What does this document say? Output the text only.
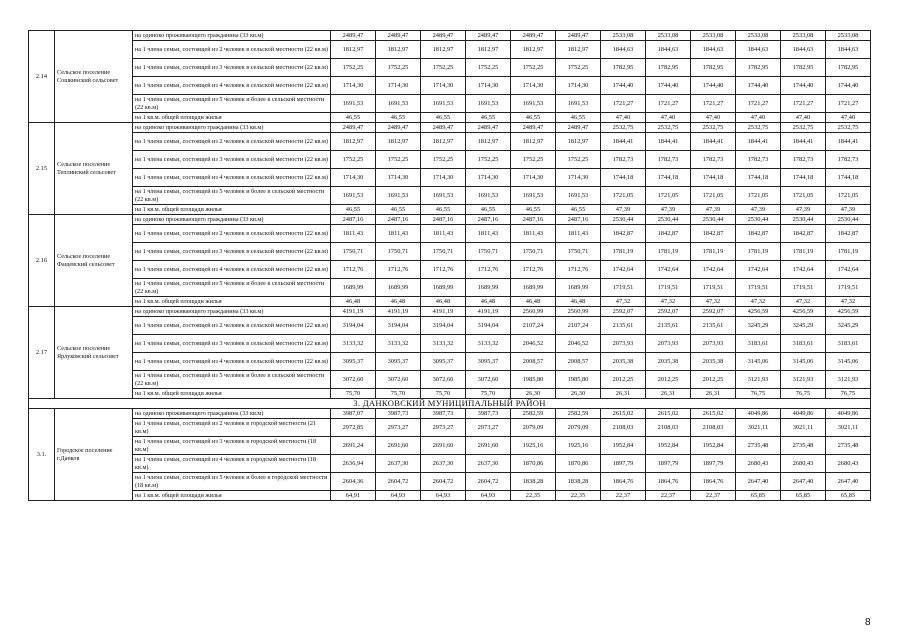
2.14	Сельское поселение Сошкинский сельсовет	на одиноко проживающего гражданина (33 кв.м)	2489,47	2489,47	2489,47	2489,47	2489,47	2489,47	2533,08	2533,08	2533,08	2533,08	2533,08	2533,08
		на 1 члена семьи, состоящей из 2 человек в сельской местности (22 кв.м)	1812,97	1812,97	1812,97	1812,97	1812,97	1812,97	1844,63	1844,63	1844,63	1844,63	1844,63	1844,63
		на 1 члена семьи, состоящей из 3 человек в сельской местности (22 кв.м)	1752,25	1752,25	1752,25	1752,25	1752,25	1752,25	1782,95	1782,95	1782,95	1782,95	1782,95	1782,95
		на 1 члена семьи, состоящей из 4 человек в сельской местности (22 кв.м)	1714,30	1714,30	1714,30	1714,30	1714,30	1714,30	1744,40	1744,40	1744,40	1744,40	1744,40	1744,40
		на 1 члена семьи, состоящей из 5 человек и более в сельской местности (22 кв.м)	1691,53	1691,53	1691,53	1691,53	1691,53	1691,53	1721,27	1721,27	1721,27	1721,27	1721,27	1721,27
		на 1 кв.м. общей площади жилья	46,55	46,55	46,55	46,55	46,55	46,55	47,40	47,40	47,40	47,40	47,40	47,40
2.15	Сельское поселение Теплинский сельсовет	на одиноко проживающего гражданина (33 кв.м)	2489,47	2489,47	2489,47	2489,47	2489,47	2489,47	2532,75	2532,75	2532,75	2532,75	2532,75	2532,75
		на 1 члена семьи, состоящей из 2 человек в сельской местности (22 кв.м)	1812,97	1812,97	1812,97	1812,97	1812,97	1812,97	1844,41	1844,41	1844,41	1844,41	1844,41	1844,41
		на 1 члена семьи, состоящей из 3 человек в сельской местности (22 кв.м)	1752,25	1752,25	1752,25	1752,25	1752,25	1752,25	1782,73	1782,73	1782,73	1782,73	1782,73	1782,73
		на 1 члена семьи, состоящей из 4 человек в сельской местности (22 кв.м)	1714,30	1714,30	1714,30	1714,30	1714,30	1714,30	1744,18	1744,18	1744,18	1744,18	1744,18	1744,18
		на 1 члена семьи, состоящей из 5 человек и более в сельской местности (22 кв.м)	1691,53	1691,53	1691,53	1691,53	1691,53	1691,53	1721,05	1721,05	1721,05	1721,05	1721,05	1721,05
		на 1 кв.м. общей площади жилья	46,55	46,55	46,55	46,55	46,55	46,55	47,39	47,39	47,39	47,39	47,39	47,39
2.16	Сельское поселение Фащевский сельсовет	на одиноко проживающего гражданина (33 кв.м)	2487,16	2487,16	2487,16	2487,16	2487,16	2487,16	2530,44	2530,44	2530,44	2530,44	2530,44	2530,44
		на 1 члена семьи, состоящей из 2 человек в сельской местности (22 кв.м)	1811,43	1811,43	1811,43	1811,43	1811,43	1811,43	1842,87	1842,87	1842,87	1842,87	1842,87	1842,87
		на 1 члена семьи, состоящей из 3 человек в сельской местности (22 кв.м)	1750,71	1750,71	1750,71	1750,71	1750,71	1750,71	1781,19	1781,19	1781,19	1781,19	1781,19	1781,19
		на 1 члена семьи, состоящей из 4 человек в сельской местности (22 кв.м)	1712,76	1712,76	1712,76	1712,76	1712,76	1712,76	1742,64	1742,64	1742,64	1742,64	1742,64	1742,64
		на 1 члена семьи, состоящей из 5 человек и более в сельской местности (22 кв.м)	1689,99	1689,99	1689,99	1689,99	1689,99	1689,99	1719,51	1719,51	1719,51	1719,51	1719,51	1719,51
		на 1 кв.м. общей площади жилья	46,48	46,48	46,48	46,48	46,48	46,48	47,32	47,32	47,32	47,32	47,32	47,32
2.17	Сельское поселение Ярлуковский сельсовет	на одиноко проживающего гражданина (33 кв.м)	4191,19	4191,19	4191,19	4191,19	2560,99	2560,99	2592,07	2592,07	2592,07	4256,59	4256,59	4256,59
		на 1 члена семьи, состоящей из 2 человек в сельской местности (22 кв.м)	3194,04	3194,04	3194,04	3194,04	2107,24	2107,24	2135,61	2135,61	2135,61	3245,29	3245,29	3245,29
		на 1 члена семьи, состоящей из 3 человек в сельской местности (22 кв.м)	3133,32	3133,32	3133,32	3133,32	2046,52	2046,52	2073,93	2073,93	2073,93	3183,61	3183,61	3183,61
		на 1 члена семьи, состоящей из 4 человек в сельской местности (22 кв.м)	3095,37	3095,37	3095,37	3095,37	2008,57	2008,57	2035,38	2035,38	2035,38	3145,06	3145,06	3145,06
		на 1 члена семьи, состоящей из 5 человек и более в сельской местности (22 кв.м)	3072,60	3072,60	3072,60	3072,60	1985,80	1985,80	2012,25	2012,25	2012,25	3121,93	3121,93	3121,93
		на 1 кв.м. общей площади жилья	75,70	75,70	75,70	75,70	26,30	26,30	26,31	26,31	26,31	76,75	76,75	76,75
3. ДАНКОВСКИЙ МУНИЦИПАЛЬНЫЙ РАЙОН														
3.1.	Городское поселение г.Данков	на одиноко проживающего гражданина (33 кв.м)	3987,07	3987,73	3987,73	3987,73	2582,59	2582,59	2615,02	2615,02	2615,02	4049,86	4049,86	4049,86
		на 1 члена семьи, состоящей из 2 человек в городской местности (21 кв.м)	2972,85	2973,27	2973,27	2973,27	2079,09	2079,09	2108,03	2108,03	2108,03	3021,11	3021,11	3021,11
		на 1 члена семьи, состоящей из 3 человек в городской местности (18 кв.м)	2691,24	2691,60	2691,60	2691,60	1925,16	1925,16	1952,84	1952,84	1952,84	2735,48	2735,48	2735,48
		на 1 члена семьи, состоящей из 4 человек в городской местности (18 кв.м)	2636,94	2637,30	2637,30	2637,30	1870,86	1870,86	1897,79	1897,79	1897,79	2680,43	2680,43	2680,43
		на 1 члена семьи, состоящей из 5 человек и более в городской местности (18 кв.м)	2604,36	2604,72	2604,72	2604,72	1838,28	1838,28	1864,76	1864,76	1864,76	2647,40	2647,40	2647,40
		на 1 кв.м. общей площади жилья	64,91	64,93	64,93	64,93	22,35	22,35	22,37	22,37	22,37	65,85	65,85	65,85
8
